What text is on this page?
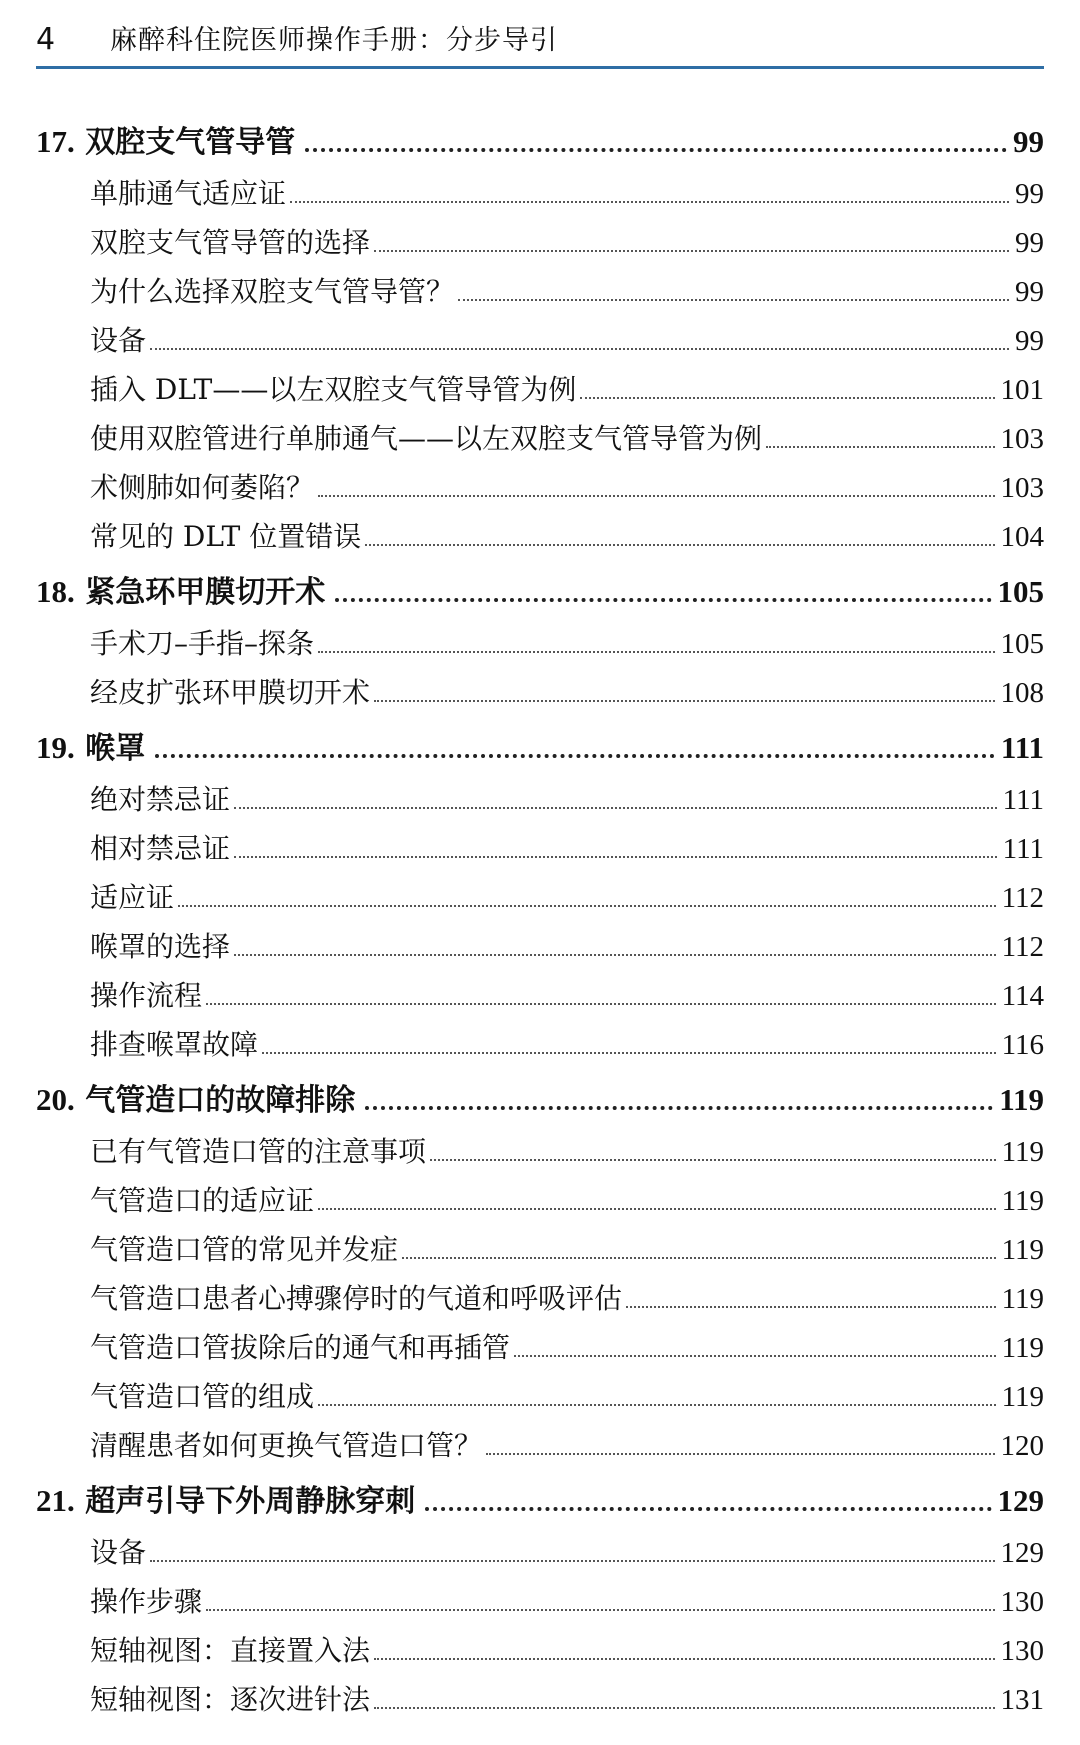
4 麻醉科住院医师操作手册：分步导引
17. 双腔支气管导管	99
单肺通气适应证	99
双腔支气管导管的选择	99
为什么选择双腔支气管导管？	99
设备	99
插入 DLT——以左双腔支气管导管为例	101
使用双腔管进行单肺通气——以左双腔支气管导管为例	103
术侧肺如何萎陷？	103
常见的 DLT 位置错误	104
18. 紧急环甲膜切开术	105
手术刀–手指–探条	105
经皮扩张环甲膜切开术	108
19. 喉罩	111
绝对禁忌证	111
相对禁忌证	111
适应证	112
喉罩的选择	112
操作流程	114
排查喉罩故障	116
20. 气管造口的故障排除	119
已有气管造口管的注意事项	119
气管造口的适应证	119
气管造口管的常见并发症	119
气管造口患者心搏骤停时的气道和呼吸评估	119
气管造口管拔除后的通气和再插管	119
气管造口管的组成	119
清醒患者如何更换气管造口管？	120
21. 超声引导下外周静脉穿刺	129
设备	129
操作步骤	130
短轴视图：直接置入法	130
短轴视图：逐次进针法	131
